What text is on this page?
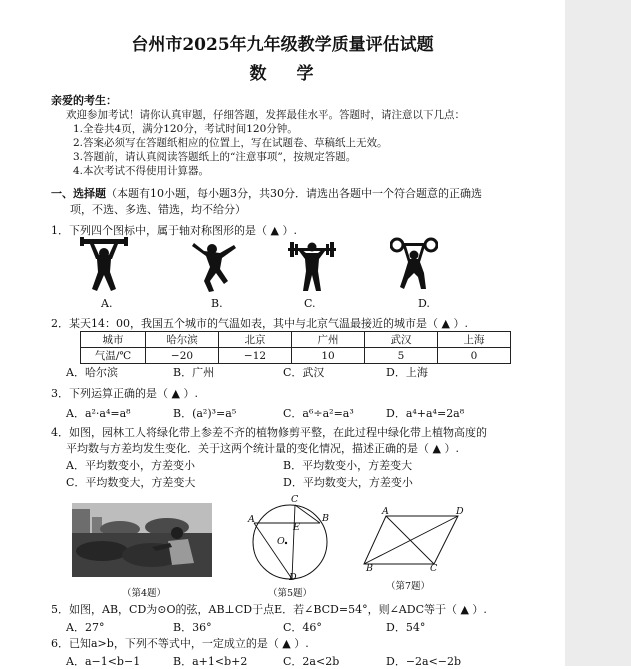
台州市2025年九年级教学质量评估试题
数 学
亲爱的考生：
欢迎参加考试！请你认真审题，仔细答题，发挥最佳水平。答题时，请注意以下几点：
1.全卷共4页，满分120分，考试时间120分钟。
2.答案必须写在答题纸相应的位置上，写在试题卷、草稿纸上无效。
3.答题前，请认真阅读答题纸上的“注意事项”，按规定答题。
4.本次考试不得使用计算器。
一、选择题（本题有10小题，每小题3分，共30分．请选出各题中一个符合题意的正确选
项，不选、多选、错选，均不给分）
1．下列四个图标中，属于轴对称图形的是（ ▲ ）.
A.	B.	C.	D.
2．某天14：00，我国五个城市的气温如表，其中与北京气温最接近的城市是（ ▲ ）.
城市	哈尔滨	北京	广州	武汉	上海
气温/℃	−20	−12	10	5	0
A．哈尔滨	B．广州	C．武汉	D．上海
3．下列运算正确的是（ ▲ ）.
A．a²·a⁴=a⁸	B．(a²)³=a⁵	C．a⁶÷a²=a³	D．a⁴+a⁴=2a⁸
4．如图，园林工人将绿化带上参差不齐的植物修剪平整，在此过程中绿化带上植物高度的
平均数与方差均发生变化．关于这两个统计量的变化情况，描述正确的是（ ▲ ）.
A．平均数变小，方差变小	B．平均数变小，方差变大
C．平均数变大，方差变大	D．平均数变大，方差变小
（第4题）
C
A	B
E
O
D
（第5题）
A	D
B	C
（第7题）
5．如图，AB，CD为⊙O的弦，AB⊥CD于点E．若∠BCD=54°，则∠ADC等于（ ▲ ）.
A．27°	B．36°	C．46°	D．54°
6．已知a>b，下列不等式中，一定成立的是（ ▲ ）.
A．a−1<b−1	B．a+1<b+2	C．2a<2b	D．−2a<−2b
